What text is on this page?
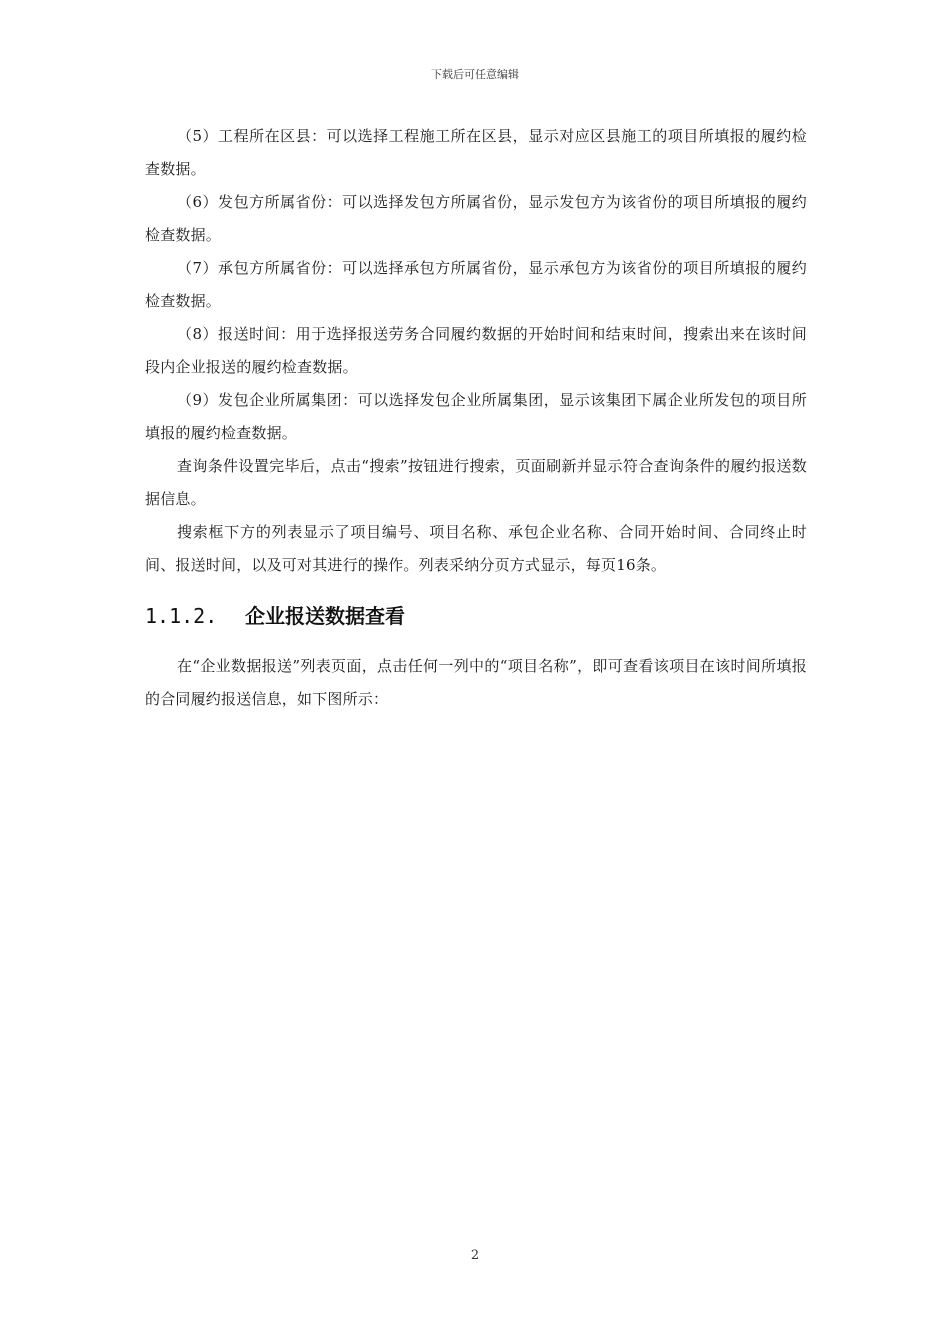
下载后可任意编辑

（5）工程所在区县：可以选择工程施工所在区县，显示对应区县施工的项目所填报的履约检查数据。

（6）发包方所属省份：可以选择发包方所属省份，显示发包方为该省份的项目所填报的履约检查数据。

（7）承包方所属省份：可以选择承包方所属省份，显示承包方为该省份的项目所填报的履约检查数据。

（8）报送时间：用于选择报送劳务合同履约数据的开始时间和结束时间，搜索出来在该时间段内企业报送的履约检查数据。

（9）发包企业所属集团：可以选择发包企业所属集团，显示该集团下属企业所发包的项目所填报的履约检查数据。

查询条件设置完毕后，点击“搜索”按钮进行搜索，页面刷新并显示符合查询条件的履约报送数据信息。

搜索框下方的列表显示了项目编号、项目名称、承包企业名称、合同开始时间、合同终止时间、报送时间，以及可对其进行的操作。列表采纳分页方式显示，每页16条。

1.1.2.	企业报送数据查看

在“企业数据报送”列表页面，点击任何一列中的“项目名称”，即可查看该项目在该时间所填报的合同履约报送信息，如下图所示：

2
